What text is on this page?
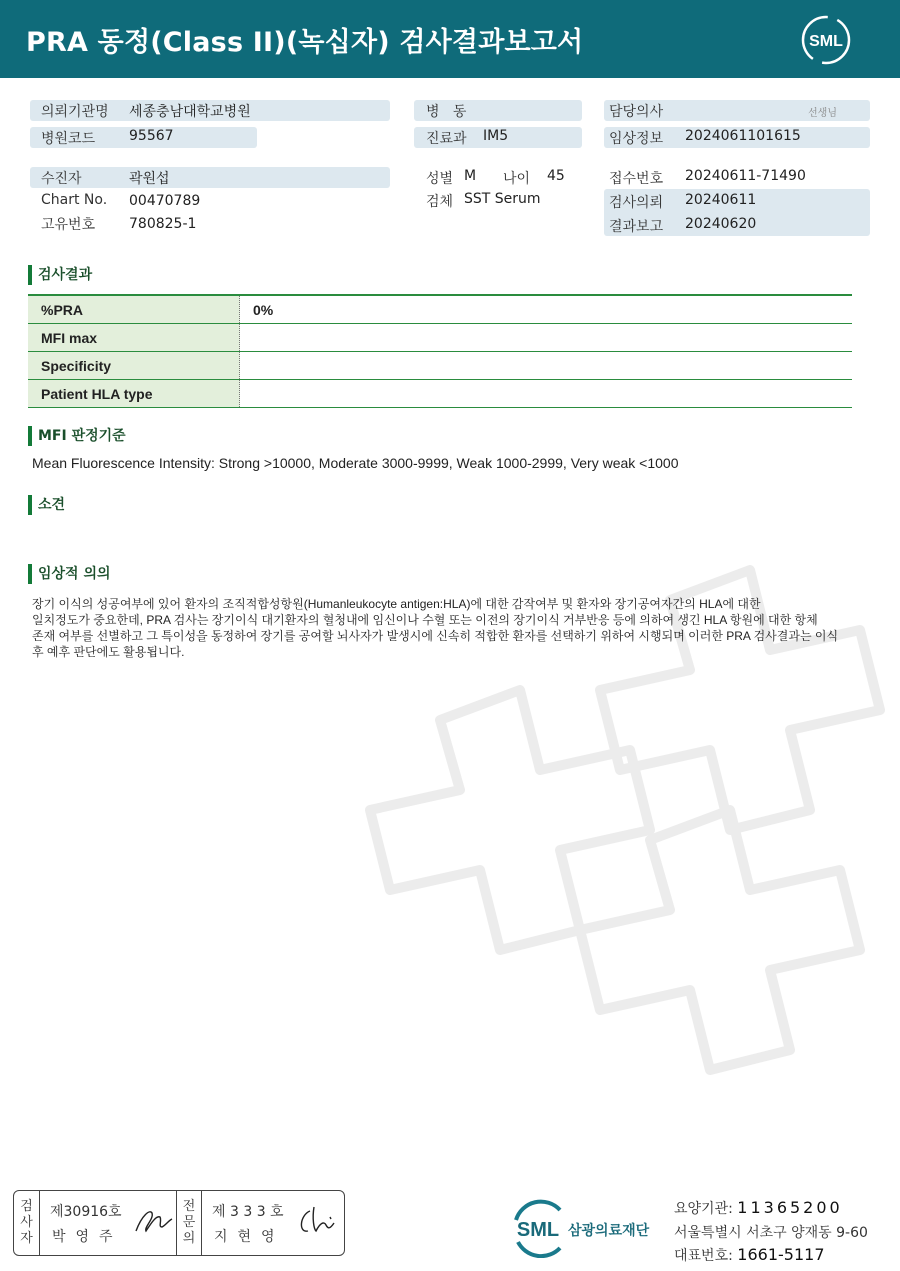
PRA 동정(Class II)(녹십자) 검사결과보고서	SML
의뢰기관명 세종충남대학교병원	병   동	담당의사	선생님
병원코드 95567	진료과 IM5	임상정보 2024061101615
수진자	곽원섭
Chart No. 00470789
고유번호 780825-1
성별 M 나이 45
검체 SST Serum
접수번호 20240611-71490
검사의뢰 20240611
결과보고 20240620
검사결과
%PRA	0%
MFI max
Specificity
Patient HLA type
MFI 판정기준
Mean Fluorescence Intensity: Strong >10000, Moderate 3000-9999, Weak 1000-2999, Very weak <1000
소견
임상적 의의
장기 이식의 성공여부에 있어 환자의 조직적합성항원(Humanleukocyte antigen:HLA)에 대한 감작여부 및 환자와 장기공여자간의 HLA에 대한
일치정도가 중요한데, PRA 검사는 장기이식 대기환자의 혈청내에 임신이나 수혈 또는 이전의 장기이식 거부반응 등에 의하여 생긴 HLA 항원에 대한 항체
존재 여부를 선별하고 그 특이성을 동정하여 장기를 공여할 뇌사자가 발생시에 신속히 적합한 환자를 선택하기 위하여 시행되며 이러한 PRA 검사결과는 이식
후 예후 판단에도 활용됩니다.
검
사
자
제30916호
박영주
전
문
의
제 3 3 3 호
지현영	SML 삼광의료재단
요양기관: 11365200
서울특별시 서초구 양재동 9-60
대표번호: 1661-5117
